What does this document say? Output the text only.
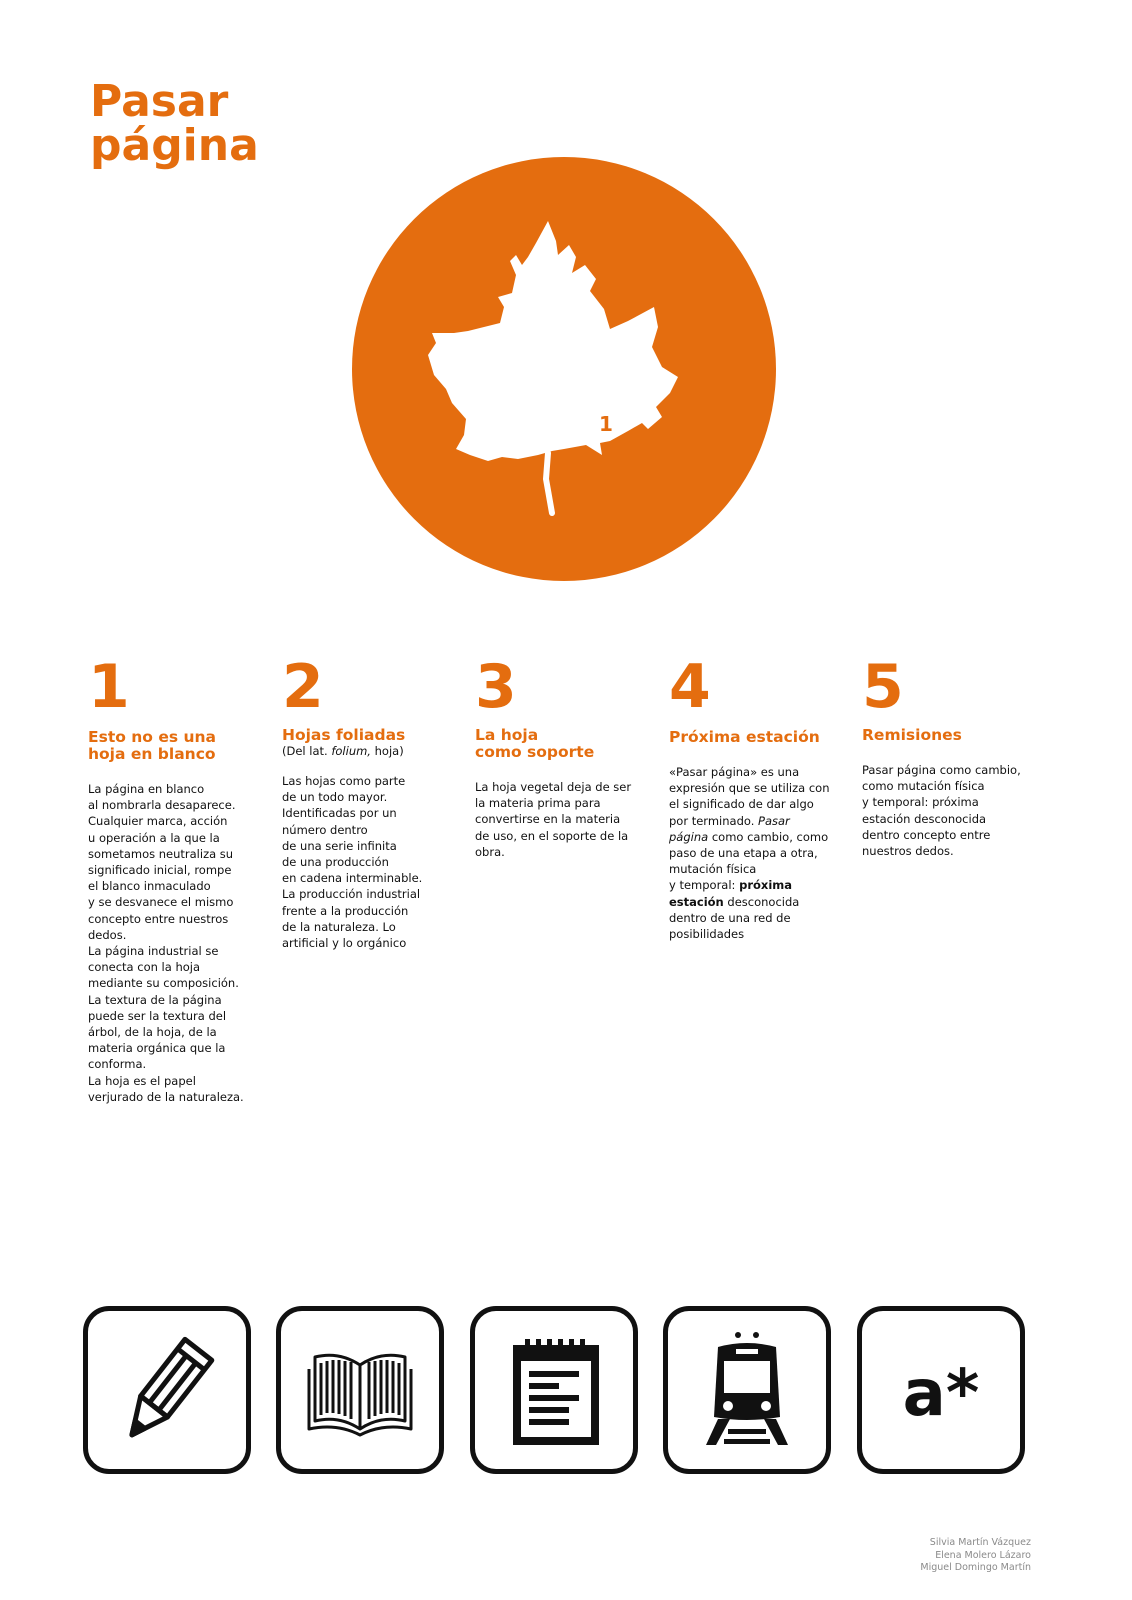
Pasar
página
1
1
Esto no es una
hoja en blanco
La página en blanco
al nombrarla desaparece.
Cualquier marca, acción
u operación a la que la
sometamos neutraliza su
significado inicial, rompe
el blanco inmaculado
y se desvanece el mismo
concepto entre nuestros
dedos.
La página industrial se
conecta con la hoja
mediante su composición.
La textura de la página
puede ser la textura del
árbol, de la hoja, de la
materia orgánica que la
conforma.
La hoja es el papel
verjurado de la naturaleza.
2
Hojas foliadas
(Del lat. folium, hoja)
Las hojas como parte
de un todo mayor.
Identificadas por un
número dentro
de una serie infinita
de una producción
en cadena interminable.
La producción industrial
frente a la producción
de la naturaleza. Lo
artificial y lo orgánico
3
La hoja
como soporte
La hoja vegetal deja de ser
la materia prima para
convertirse en la materia
de uso, en el soporte de la
obra.
4
Próxima estación
«Pasar página» es una
expresión que se utiliza con
el significado de dar algo
por terminado. Pasar
página como cambio, como
paso de una etapa a otra,
mutación física
y temporal: próxima
estación desconocida
dentro de una red de
posibilidades
5
Remisiones
Pasar página como cambio,
como mutación física
y temporal: próxima
estación desconocida
dentro concepto entre
nuestros dedos.
a*
Silvia Martín Vázquez
Elena Molero Lázaro
Miguel Domingo Martín
